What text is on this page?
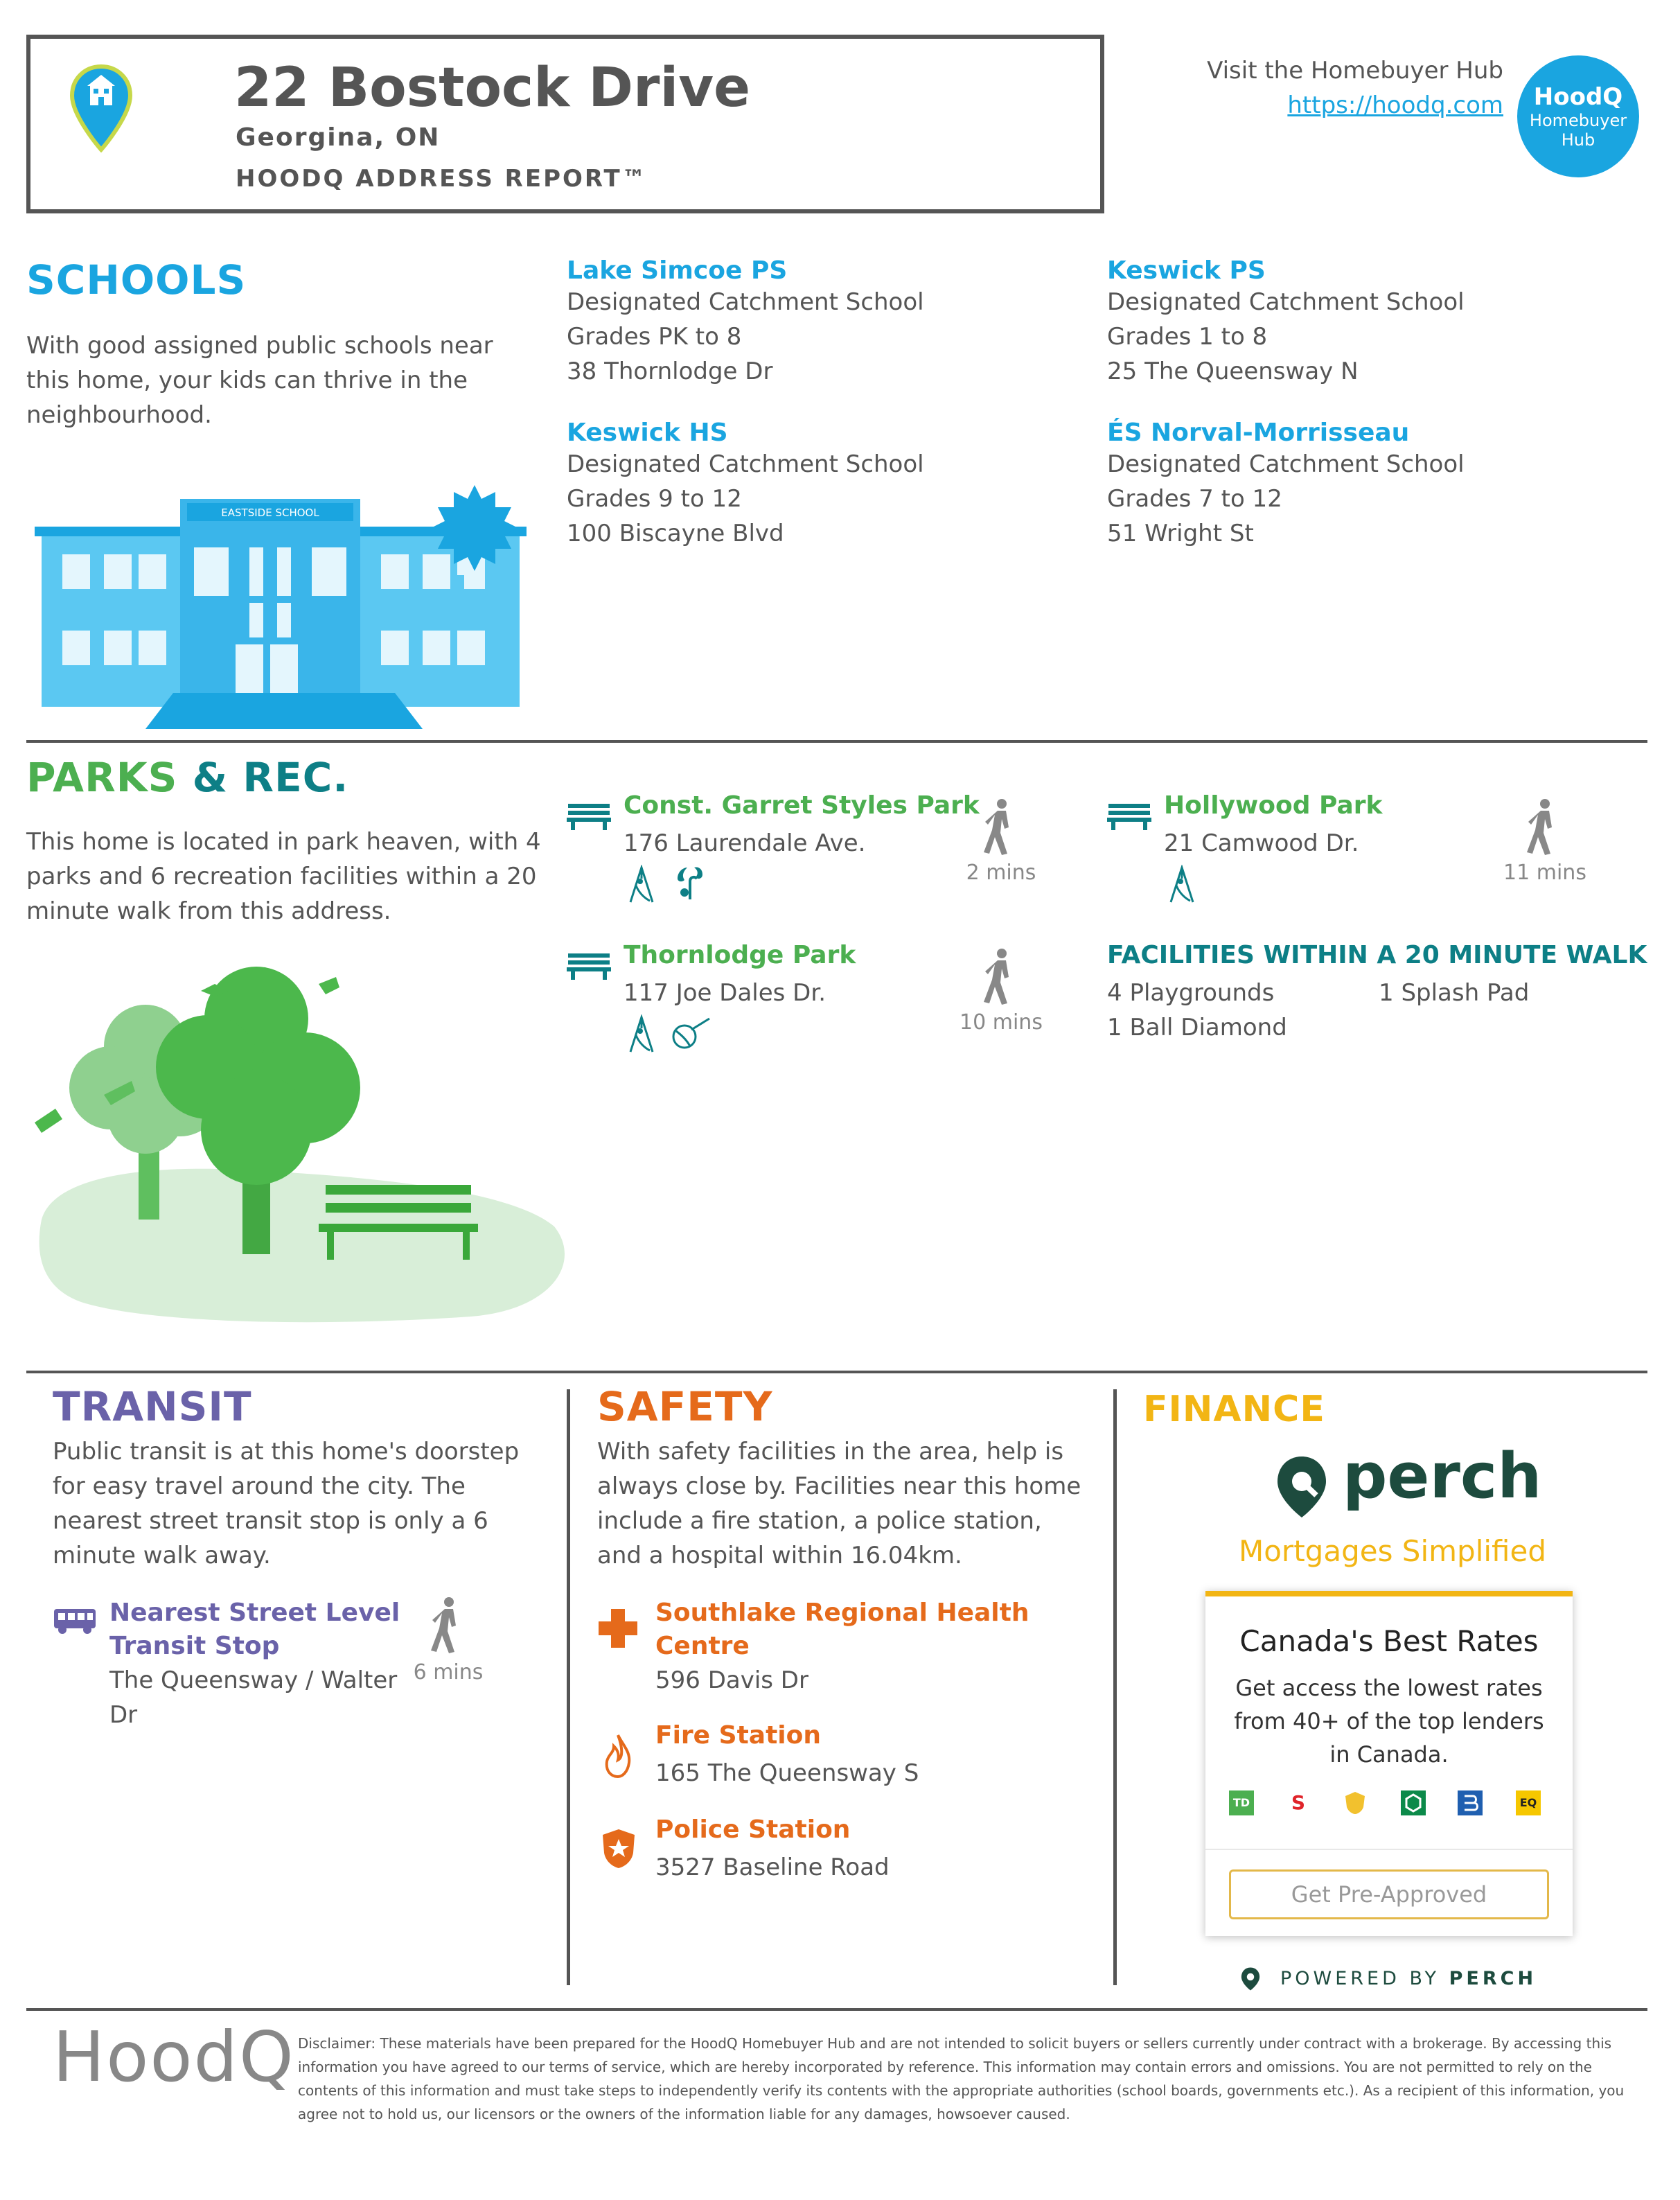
22 Bostock Drive
Georgina, ON
HOODQ ADDRESS REPORT™
Visit the Homebuyer Hub
https://hoodq.com	HoodQ
Homebuyer
Hub
SCHOOLS
With good assigned public schools near this home, your kids can thrive in the neighbourhood.
EASTSIDE SCHOOL
Lake Simcoe PS
Designated Catchment School
Grades PK to 8
38 Thornlodge Dr
Keswick PS
Designated Catchment School
Grades 1 to 8
25 The Queensway N
Keswick HS
Designated Catchment School
Grades 9 to 12
100 Biscayne Blvd
ÉS Norval-Morrisseau
Designated Catchment School
Grades 7 to 12
51 Wright St
PARKS & REC.
This home is located in park heaven, with 4 parks and 6 recreation facilities within a 20 minute walk from this address.
Const. Garret Styles Park
176 Laurendale Ave.
2 mins
Hollywood Park
21 Camwood Dr.
11 mins
Thornlodge Park
117 Joe Dales Dr.
10 mins
FACILITIES WITHIN A 20 MINUTE WALK
4 Playgrounds	1 Splash Pad
1 Ball Diamond
TRANSIT
Public transit is at this home's doorstep for easy travel around the city. The nearest street transit stop is only a 6 minute walk away.
Nearest Street Level Transit Stop
The Queensway / Walter Dr
6 mins
SAFETY
With safety facilities in the area, help is always close by. Facilities near this home include a fire station, a police station, and a hospital within 16.04km.
Southlake Regional Health Centre
596 Davis Dr
Fire Station
165 The Queensway S
Police Station
3527 Baseline Road
FINANCE
perch
Mortgages Simplified
Canada's Best Rates
Get access the lowest rates from 40+ of the top lenders in Canada.
TD S	EQ
Get Pre-Approved
POWERED BY PERCH
HoodQ Disclaimer: These materials have been prepared for the HoodQ Homebuyer Hub and are not intended to solicit buyers or sellers currently under contract with a brokerage. By accessing this information you have agreed to our terms of service, which are hereby incorporated by reference. This information may contain errors and omissions. You are not permitted to rely on the contents of this information and must take steps to independently verify its contents with the appropriate authorities (school boards, governments etc.). As a recipient of this information, you agree not to hold us, our licensors or the owners of the information liable for any damages, howsoever caused.
